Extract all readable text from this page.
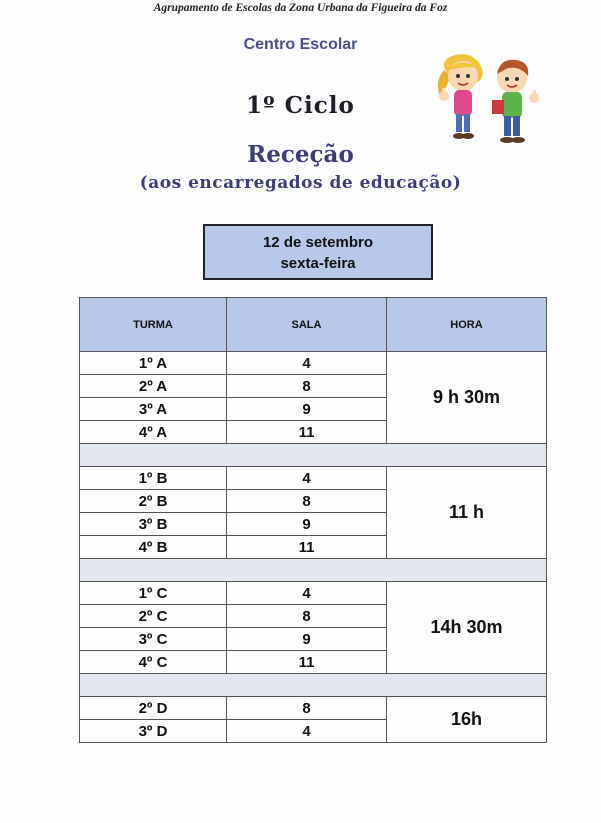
Agrupamento de Escolas da Zona Urbana da Figueira da Foz
Centro Escolar
1º Ciclo
Receção
(aos encarregados de educação)
12 de setembro
sexta-feira
TURMA	SALA	HORA
1º A	4	9 h 30m
2º A	8	
3º A	9	
4º A	11	

1º B	4	11 h
2º B	8	
3º B	9	
4º B	11	

1º C	4	14h 30m
2º C	8	
3º C	9	
4º C	11	

2º D	8	16h
3º D	4	
